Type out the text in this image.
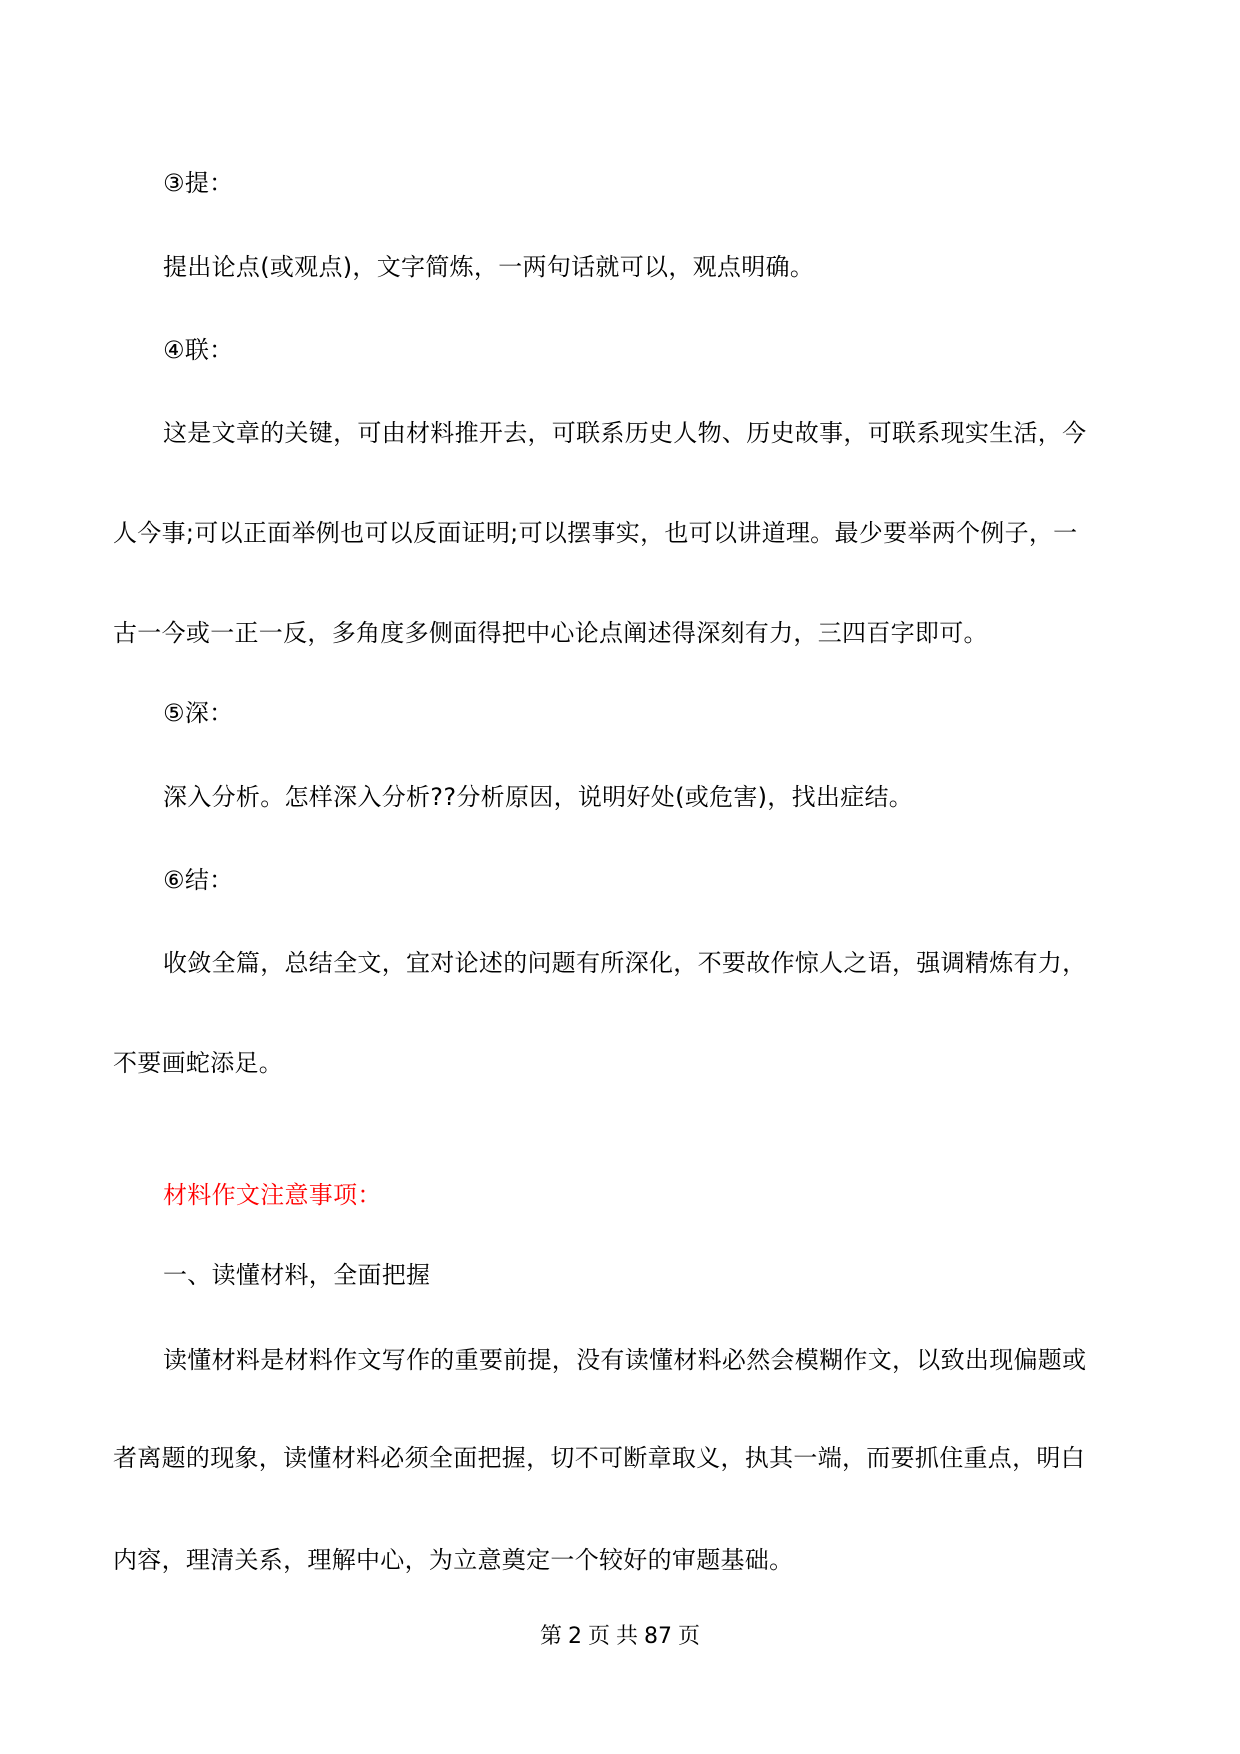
③提：
提出论点(或观点)，文字简炼，一两句话就可以，观点明确。
④联：
这是文章的关键，可由材料推开去，可联系历史人物、历史故事，可联系现实生活，今
人今事;可以正面举例也可以反面证明;可以摆事实，也可以讲道理。最少要举两个例子，一
古一今或一正一反，多角度多侧面得把中心论点阐述得深刻有力，三四百字即可。
⑤深：
深入分析。怎样深入分析??分析原因，说明好处(或危害)，找出症结。
⑥结：
收敛全篇，总结全文，宜对论述的问题有所深化，不要故作惊人之语，强调精炼有力，
不要画蛇添足。
材料作文注意事项：
一、读懂材料，全面把握
读懂材料是材料作文写作的重要前提，没有读懂材料必然会模糊作文，以致出现偏题或
者离题的现象，读懂材料必须全面把握，切不可断章取义，执其一端，而要抓住重点，明白
内容，理清关系，理解中心，为立意奠定一个较好的审题基础。
第 2 页 共 87 页
